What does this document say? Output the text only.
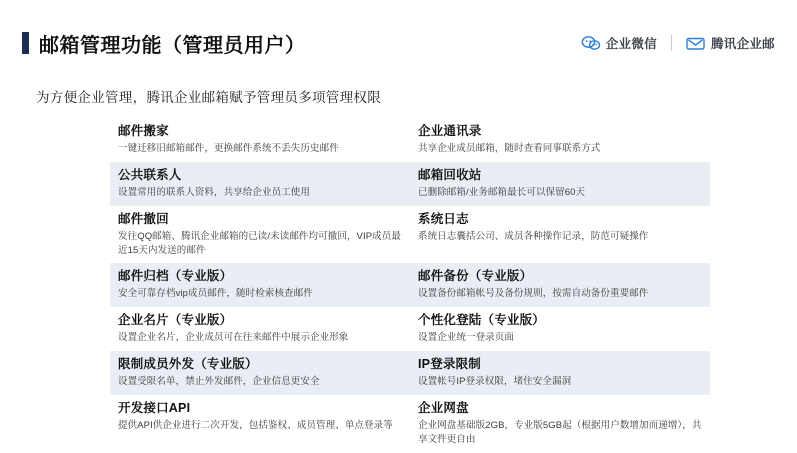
邮箱管理功能（管理员用户）	企业微信	腾讯企业邮
为方便企业管理，腾讯企业邮箱赋予管理员多项管理权限
邮件搬家
一键迁移旧邮箱邮件，更换邮件系统不丢失历史邮件
企业通讯录
共享企业成员邮箱，随时查看同事联系方式
公共联系人
设置常用的联系人资料，共享给企业员工使用
邮箱回收站
已删除邮箱/业务邮箱最长可以保留60天
邮件撤回
发往QQ邮箱、腾讯企业邮箱的已读/未读邮件均可撤回，VIP成员最近15天内发送的邮件
系统日志
系统日志囊括公司、成员各种操作记录，防范可疑操作
邮件归档（专业版）
安全可靠存档vip成员邮件，随时检索核查邮件
邮件备份（专业版）
设置备份邮箱帐号及备份规则，按需自动备份重要邮件
企业名片（专业版）
设置企业名片，企业成员可在往来邮件中展示企业形象
个性化登陆（专业版）
设置企业统一登录页面
限制成员外发（专业版）
设置受限名单，禁止外发邮件，企业信息更安全
IP登录限制
设置帐号IP登录权限，堵住安全漏洞
开发接口API
提供API供企业进行二次开发，包括鉴权、成员管理、单点登录等
企业网盘
企业网盘基础版2GB，专业版5GB起（根据用户数增加而递增），共享文件更自由
